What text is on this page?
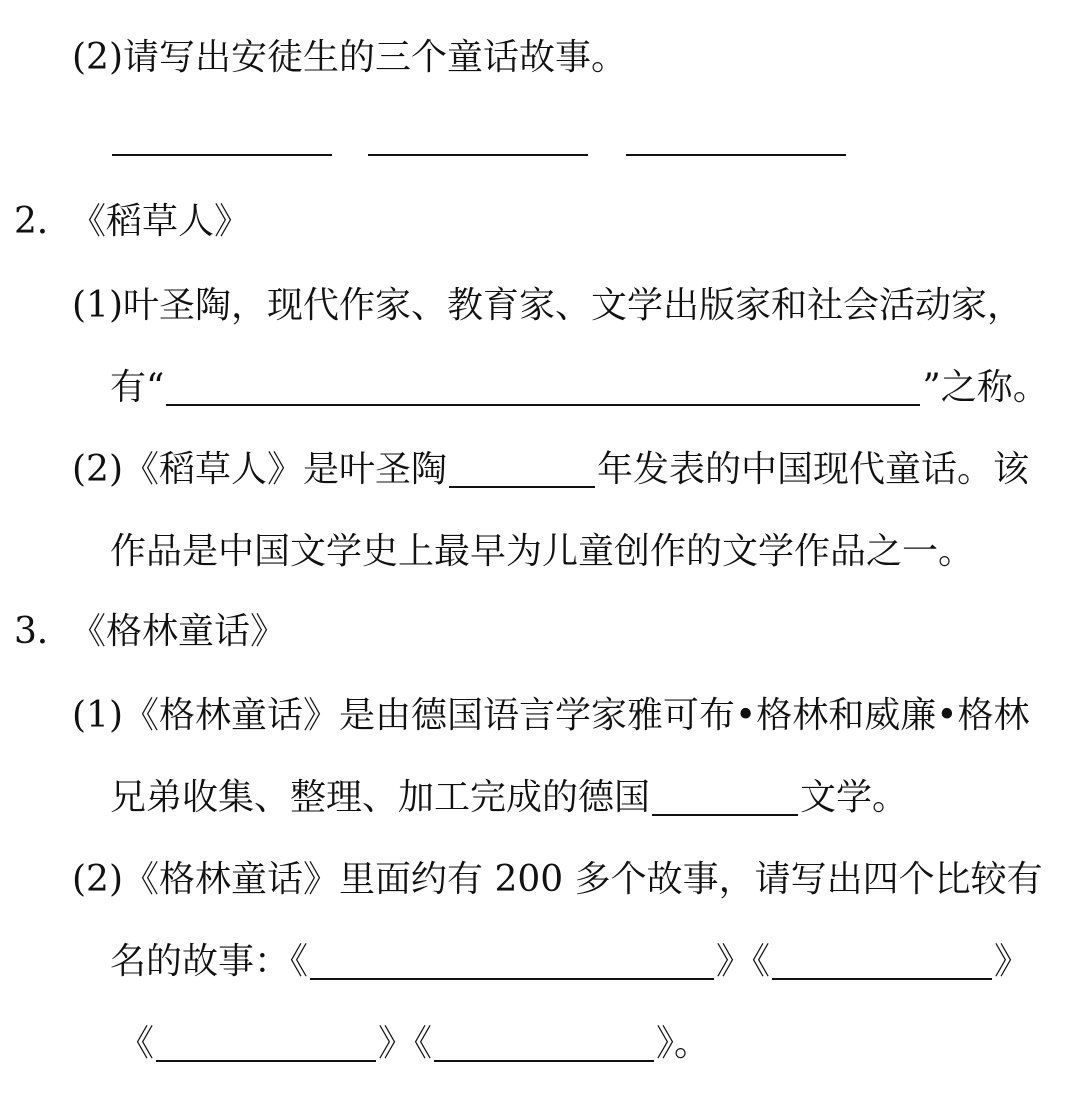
(2)请写出安徒生的三个童话故事。
2．
《稻草人》
(1)叶圣陶，现代作家、教育家、文学出版家和社会活动家，
有“	”之称。
(2)《稻草人》是叶圣陶	年发表的中国现代童话。该
作品是中国文学史上最早为儿童创作的文学作品之一。
3．
《格林童话》
(1)《格林童话》是由德国语言学家雅可布•格林和威廉•格林
兄弟收集、整理、加工完成的德国	文学。
(2)《格林童话》里面约有 200 多个故事，请写出四个比较有
名的故事：《	》《	》
《	》《	》。
